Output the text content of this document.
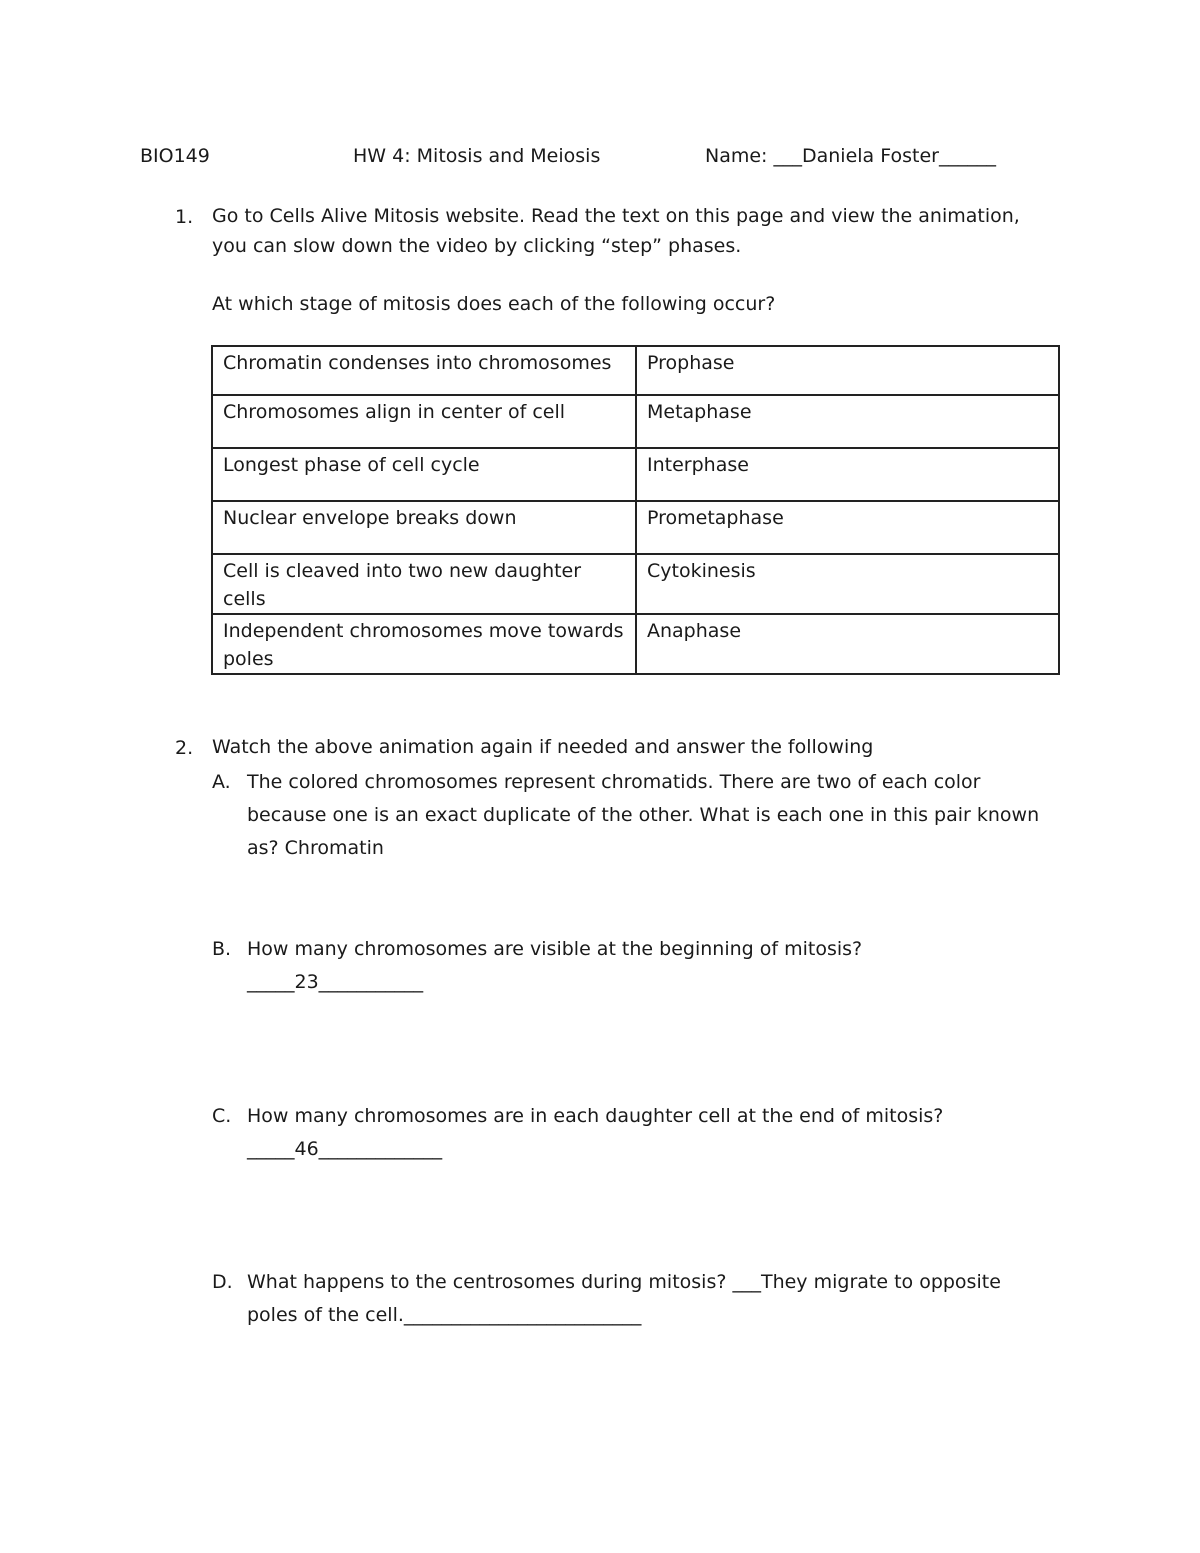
BIO149	HW 4: Mitosis and Meiosis	Name: ___Daniela Foster______
1. Go to Cells Alive Mitosis website. Read the text on this page and view the animation,
you can slow down the video by clicking “step” phases.
At which stage of mitosis does each of the following occur?
Chromatin condenses into chromosomes	Prophase
Chromosomes align in center of cell	Metaphase
Longest phase of cell cycle	Interphase
Nuclear envelope breaks down	Prometaphase
Cell is cleaved into two new daughter cells	Cytokinesis
Independent chromosomes move towards poles	Anaphase
2. Watch the above animation again if needed and answer the following
A. The colored chromosomes represent chromatids. There are two of each color
because one is an exact duplicate of the other. What is each one in this pair known
as? Chromatin
B. How many chromosomes are visible at the beginning of mitosis?
_____23___________
C. How many chromosomes are in each daughter cell at the end of mitosis?
_____46_____________
D. What happens to the centrosomes during mitosis? ___They migrate to opposite
poles of the cell._________________________
